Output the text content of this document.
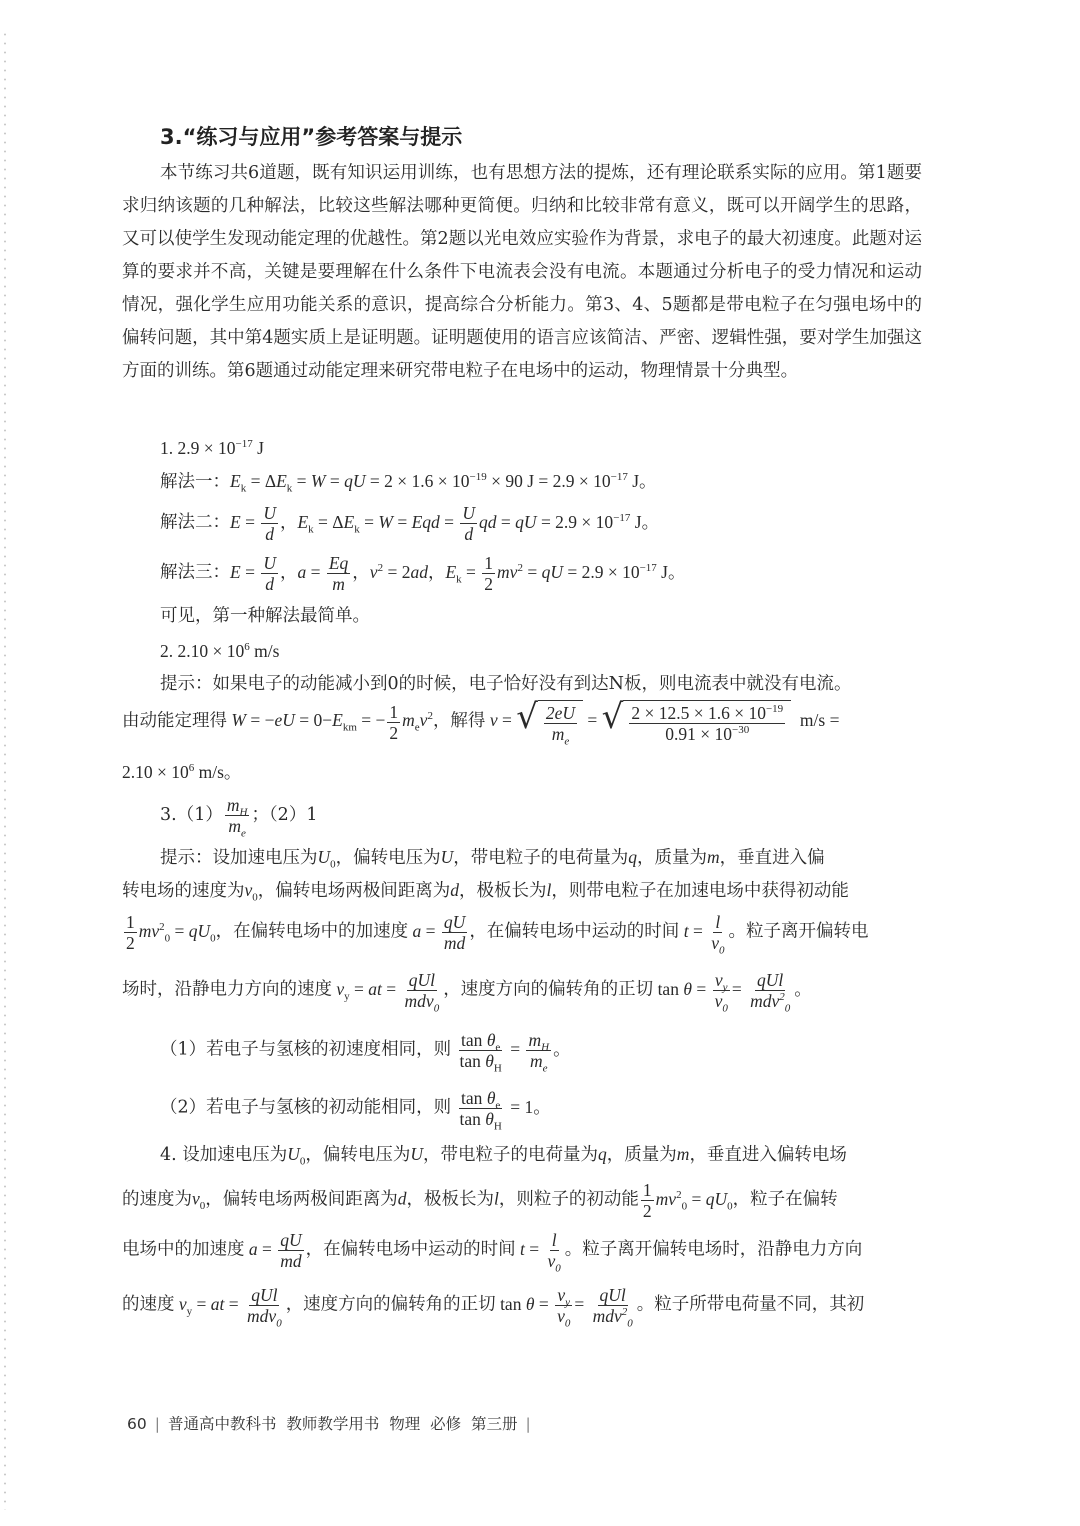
3.“练习与应用”参考答案与提示
本节练习共6道题，既有知识运用训练，也有思想方法的提炼，还有理论联系实际的应用。第1题要求归纳该题的几种解法，比较这些解法哪种更简便。归纳和比较非常有意义，既可以开阔学生的思路，又可以使学生发现动能定理的优越性。第2题以光电效应实验作为背景，求电子的最大初速度。此题对运算的要求并不高，关键是要理解在什么条件下电流表会没有电流。本题通过分析电子的受力情况和运动情况，强化学生应用功能关系的意识，提高综合分析能力。第3、4、5题都是带电粒子在匀强电场中的偏转问题，其中第4题实质上是证明题。证明题使用的语言应该简洁、严密、逻辑性强，要对学生加强这方面的训练。第6题通过动能定理来研究带电粒子在电场中的运动，物理情景十分典型。
1. $2.9 \times 10^{-17}$ J
解法一：$E_k = \Delta E_k = W$ = qU = $2 \times 1.6 \times 10^{-19} \times 90$ $J = 2.9 \times 10^{-17}$ J。
解法二：$E = \frac{U}{d}$ ，$E_k = \Delta E_k = W$ = Eqd = $\frac{U}{d}$ qd = qU = $2.9 \times 10^{-17}$ J。
解法三：$E = \frac{U}{d}$ ，$a = \frac{Eq}{m}$ ，$v^2 = 2ad$，$E_k = \frac{1}{2} mv^2$ = qU = $2.9 \times 10^{-17}$ J。
可见，第一种解法最简单。
2. $2.10 \times 10^6$ m/s
提示：如果电子的动能减小到0的时候，电子恰好没有到达N板，则电流表中就没有电流。
由动能定理得 $W = -eU = 0-E_{km}$ = − $\frac{1}{2} m_ev^2$，解得 v = √ $\frac{2eU}{m_e}$ = √ $\frac{2 \times 12.5 \times 1.6 \times 10^{-19}}{0.91 \times 10^{-30}} m/s$ =
$2.10 \times 10^6$ m/s。
$3.(1) \frac{m_H}{m_e}$ ；（2）1
提示：设加速电压为$U_0$，偏转电压为U，带电粒子的电荷量为q，质量为m，垂直进入偏
转电场的速度为$v_0$，偏转电场两极间距离为d，极板长为l，则带电粒子在加速电场中获得初动能
$\frac{1}{2} mv^2_0 = qU_0$，在偏转电场中的加速度 $a = \frac{qU}{md}$ ，在偏转电场中运动的时间 $t = \frac{l}{v_0}$ 。粒子离开偏转电
场时，沿静电力方向的速度 $v_y$ = at = $\frac{\text{qUl}}{mdv_0}$ ，速度方向的偏转角的正切 $\tan \theta = \frac{v_y}{v_0} = \frac{\text{qUl}}{mdv^2_0}$ 。
（1）若电子与氢核的初速度相同，则 $\frac{\tan \theta_e}{\tan \theta_H} = \frac{m_H}{m_e}$ 。
（2）若电子与氢核的初动能相同，则 $\frac{\tan \theta_e}{\tan \theta_H} = 1$。
4. 设加速电压为$U_0$，偏转电压为U，带电粒子的电荷量为q，质量为m，垂直进入偏转电场
的速度为$v_0$，偏转电场两极间距离为d，极板长为l，则粒子的初动能 $\frac{1}{2} mv^2_0 = qU_0$，粒子在偏转
电场中的加速度 $a = \frac{qU}{md}$ ，在偏转电场中运动的时间 $t = \frac{l}{v_0}$ 。粒子离开偏转电场时，沿静电力方向
的速度 $v_y$ = at = $\frac{\text{qUl}}{mdv_0}$ ，速度方向的偏转角的正切 $\tan \theta = \frac{v_y}{v_0} = \frac{\text{qUl}}{mdv^2_0}$ 。粒子所带电荷量不同，其初
60 | 普通高中教科书 教师教学用书 物理 必修 第三册 |
